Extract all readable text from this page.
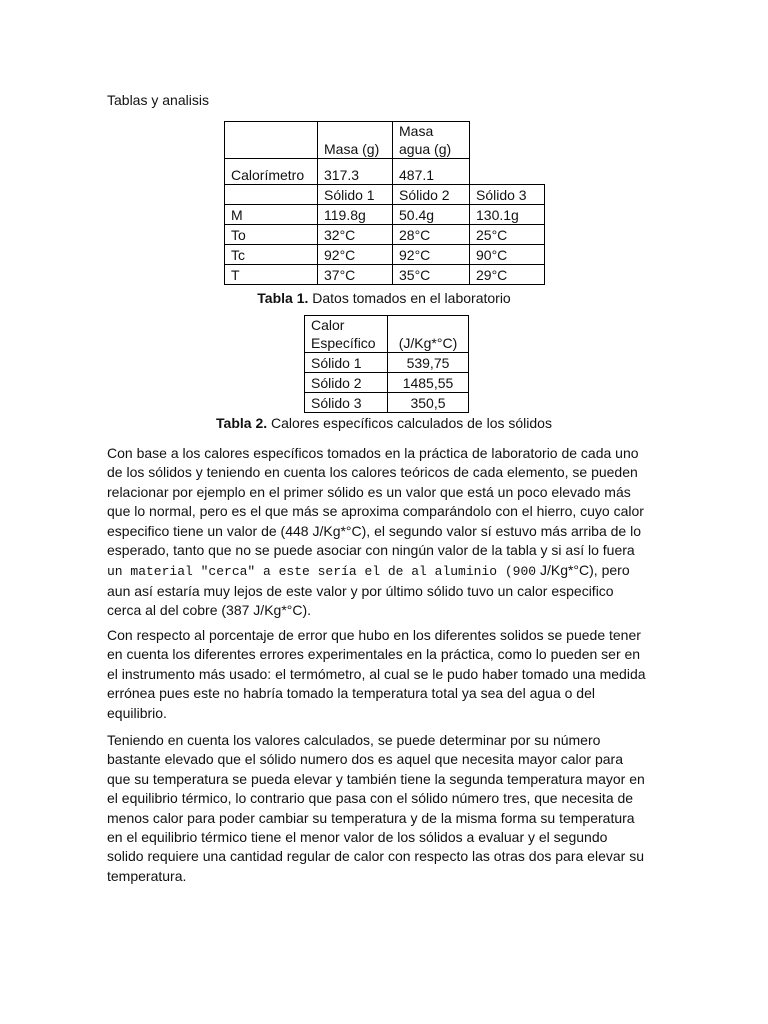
Tablas y analisis
	Masa (g)	Masa agua (g)	
Calorímetro	317.3	487.1	
	Sólido 1	Sólido 2	Sólido 3
M	119.8g	50.4g	130.1g
To	32°C	28°C	25°C
Tc	92°C	92°C	90°C
T	37°C	35°C	29°C
Tabla 1. Datos tomados en el laboratorio
Calor Específico	(J/Kg*°C)
Sólido 1	539,75
Sólido 2	1485,55
Sólido 3	350,5
Tabla 2. Calores específicos calculados de los sólidos
Con base a los calores específicos tomados en la práctica de laboratorio de cada uno de los sólidos y teniendo en cuenta los calores teóricos de cada elemento, se pueden relacionar por ejemplo en el primer sólido es un valor que está un poco elevado más que lo normal, pero es el que más se aproxima comparándolo con el hierro, cuyo calor especifico tiene un valor de (448 J/Kg*°C), el segundo valor sí estuvo más arriba de lo esperado, tanto que no se puede asociar con ningún valor de la tabla y si así lo fuera un material "cerca" a este sería el de al aluminio (900 J/Kg*°C), pero aun así estaría muy lejos de este valor y por último sólido tuvo un calor especifico cerca al del cobre (387 J/Kg*°C).
Con respecto al porcentaje de error que hubo en los diferentes solidos se puede tener en cuenta los diferentes errores experimentales en la práctica, como lo pueden ser en el instrumento más usado: el termómetro, al cual se le pudo haber tomado una medida errónea pues este no habría tomado la temperatura total ya sea del agua o del equilibrio.
Teniendo en cuenta los valores calculados, se puede determinar por su número bastante elevado que el sólido numero dos es aquel que necesita mayor calor para que su temperatura se pueda elevar y también tiene la segunda temperatura mayor en el equilibrio térmico, lo contrario que pasa con el sólido número tres, que necesita de menos calor para poder cambiar su temperatura y de la misma forma su temperatura en el equilibrio térmico tiene el menor valor de los sólidos a evaluar y el segundo solido requiere una cantidad regular de calor con respecto las otras dos para elevar su temperatura.
